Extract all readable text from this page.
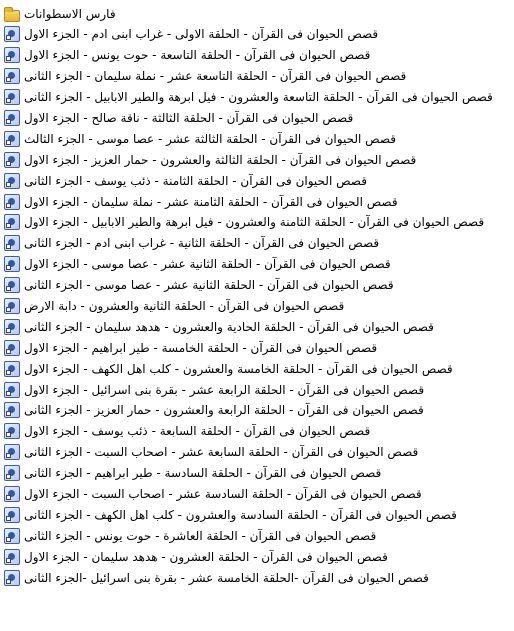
فارس الاسطوانات
قصص الحيوان فى القرآن - الحلقة الاولى - غراب ابنى ادم - الجزء الاول
قصص الحيوان فى القرآن - الحلقة التاسعة - حوت يونس - الجزء الاول
قصص الحيوان فى القرآن - الحلقة التاسعة عشر - نملة سليمان - الجزء الثانى
قصص الحيوان فى القرآن - الحلقة التاسعة والعشرون - فيل ابرهة والطير الابابيل - الجزء الثانى
قصص الحيوان فى القرآن - الحلقة الثالثة - ناقة صالح - الجزء الاول
قصص الحيوان فى القرآن - الحلقة الثالثة عشر - عصا موسى - الجزء الثالث
قصص الحيوان فى القرآن - الحلقة الثالثة والعشرون - حمار العزيز - الجزء الاول
قصص الحيوان فى القرآن - الحلقة الثامنة - ذئب يوسف - الجزء الثانى
قصص الحيوان فى القرآن - الحلقة الثامنة عشر - نملة سليمان - الجزء الاول
قصص الحيوان فى القرآن - الحلقة الثامنة والعشرون - فيل ابرهة والطير الابابيل - الجزء الاول
قصص الحيوان فى القرآن - الحلقة الثانية - غراب ابنى ادم - الجزء الثانى
قصص الحيوان فى القرآن - الحلقة الثانية عشر - عصا موسى - الجزء الاول
قصص الحيوان فى القرآن - الحلقة الثانية عشر - عصا موسى - الجزء الثانى
قصص الحيوان فى القرآن - الحلقة الثانية والعشرون - دابة الارض
قصص الحيوان فى القرآن - الحلقة الحادية والعشرون - هدهد سليمان - الجزء الثانى
قصص الحيوان فى القرآن - الحلقة الخامسة - طير ابراهيم - الجزء الاول
قصص الحيوان فى القرآن - الحلقة الخامسة والعشرون - كلب اهل الكهف - الجزء الاول
قصص الحيوان فى القرآن - الحلقة الرابعة عشر - بقرة بنى اسرائيل - الجزء الاول
قصص الحيوان فى القرآن - الحلقة الرابعة والعشرون - حمار العزيز - الجزء الثانى
قصص الحيوان فى القرآن - الحلقة السابعة - ذئب يوسف - الجزء الاول
قصص الحيوان فى القرآن - الحلقة السابعة عشر - اصحاب السبت - الجزء الثانى
قصص الحيوان فى القرآن - الحلقة السادسة - طير ابراهيم - الجزء الثانى
قصص الحيوان فى القرآن - الحلقة السادسة عشر - اصحاب السبت - الجزء الاول
قصص الحيوان فى القرآن - الحلقة السادسة والعشرون - كلب اهل الكهف - الجزء الثانى
قصص الحيوان فى القرآن - الحلقة العاشرة - حوت يونس - الجزء الثانى
قصص الحيوان فى القرآن - الحلقة العشرون - هدهد سليمان - الجزء الاول
قصص الحيوان فى القرآن -الحلقة الخامسة عشر - بقرة بنى اسرائيل -الجزء الثانى
